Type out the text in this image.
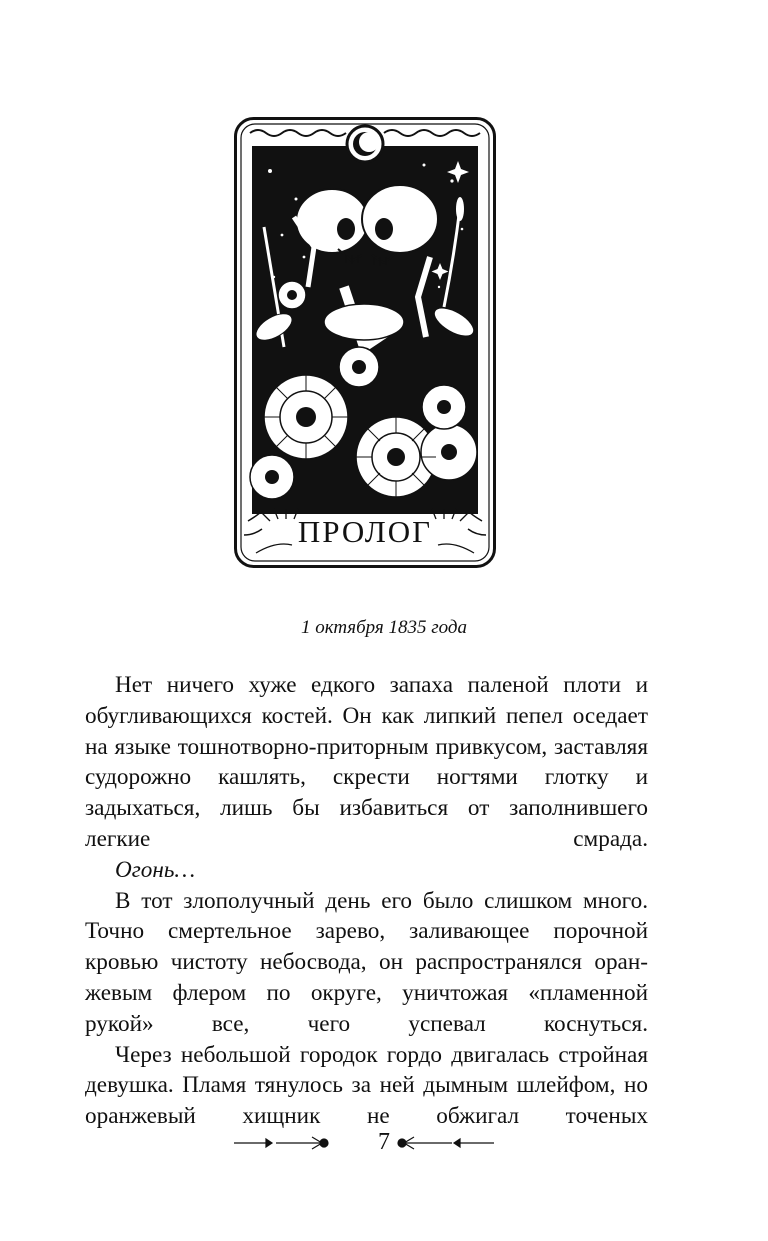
ПРОЛОГ
1 октября 1835 года

Нет ничего хуже едкого запаха паленой плоти и обугливающихся костей. Он как липкий пепел оседает на языке тошнотворно-приторным привкусом, заставляя судорожно кашлять, скрести ногтями глотку и задыхаться, лишь бы избавиться от заполнившего легкие смрада.

Огонь…

В тот злополучный день его было слишком много. Точно смертельное зарево, заливающее порочной кровью чистоту небосвода, он распространялся оранжевым флером по округе, уничтожая «пламенной рукой» все, чего успевал коснуться.

Через небольшой городок гордо двигалась стройная девушка. Пламя тянулось за ней дымным шлейфом, но оранжевый хищник не обжигал точеных

7
